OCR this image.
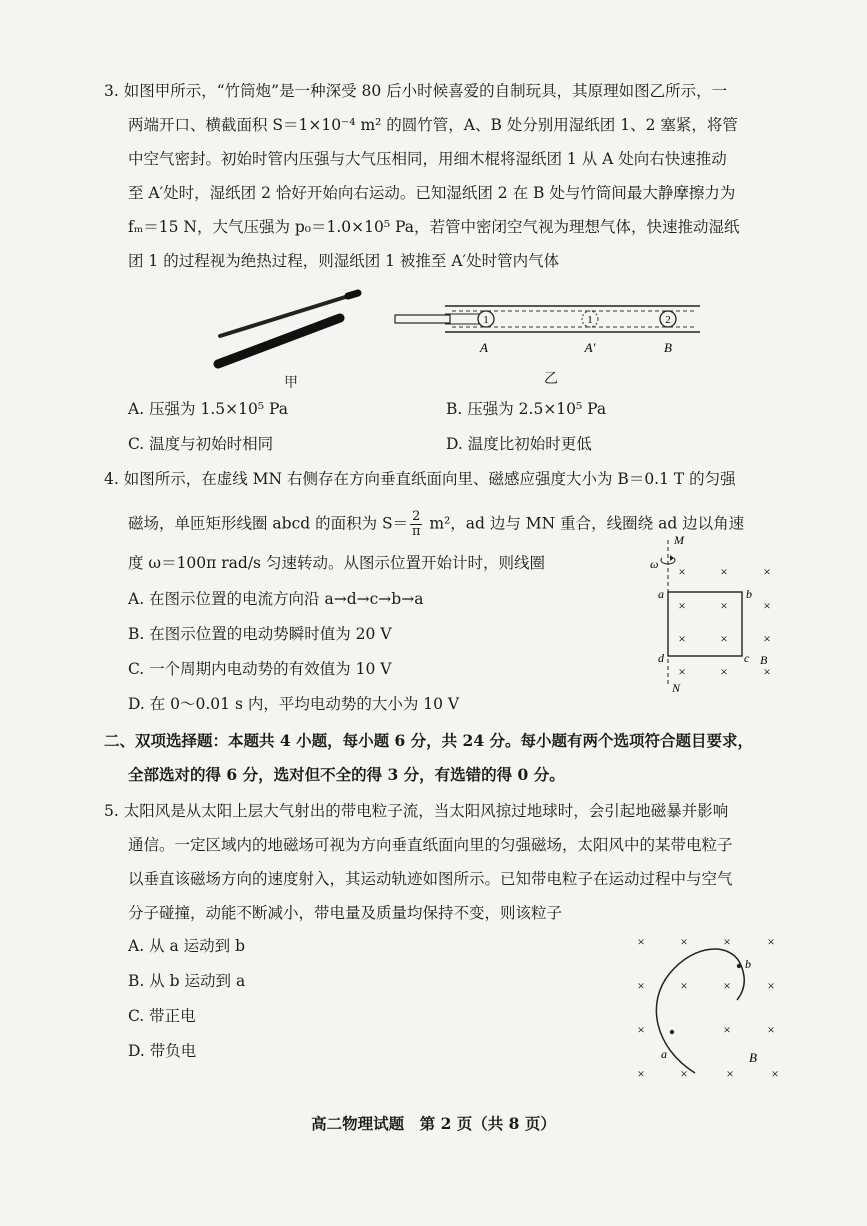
3. 如图甲所示，“竹筒炮”是一种深受 80 后小时候喜爱的自制玩具，其原理如图乙所示，一
两端开口、横截面积 S＝1×10⁻⁴ m² 的圆竹管，A、B 处分别用湿纸团 1、2 塞紧，将管
中空气密封。初始时管内压强与大气压相同，用细木棍将湿纸团 1 从 A 处向右快速推动
至 A′处时，湿纸团 2 恰好开始向右运动。已知湿纸团 2 在 B 处与竹筒间最大静摩擦力为
fₘ＝15 N，大气压强为 p₀＝1.0×10⁵ Pa，若管中密闭空气视为理想气体，快速推动湿纸
团 1 的过程视为绝热过程，则湿纸团 1 被推至 A′处时管内气体
甲
1	1	2
A	A′	B
乙
A. 压强为 1.5×10⁵ Pa	B. 压强为 2.5×10⁵ Pa
C. 温度与初始时相同	D. 温度比初始时更低
4. 如图所示，在虚线 MN 右侧存在方向垂直纸面向里、磁感应强度大小为 B＝0.1 T 的匀强
磁场，单匝矩形线圈 abcd 的面积为 $S= \frac{2}{\pi} m^2$，ad 边与 MN 重合，线圈绕 ad 边以角速
度 ω＝100π rad/s 匀速转动。从图示位置开始计时，则线圈
A. 在图示位置的电流方向沿 a→d→c→b→a
B. 在图示位置的电动势瞬时值为 20 V
C. 一个周期内电动势的有效值为 10 V
D. 在 0～0.01 s 内，平均电动势的大小为 10 V
M
N
ω
a	b
c
d	B
×	×	×
×	×	×
×	×	×
×	×	×
二、双项选择题：本题共 4 小题，每小题 6 分，共 24 分。每小题有两个选项符合题目要求，
全部选对的得 6 分，选对但不全的得 3 分，有选错的得 0 分。
5. 太阳风是从太阳上层大气射出的带电粒子流，当太阳风掠过地球时，会引起地磁暴并影响
通信。一定区域内的地磁场可视为方向垂直纸面向里的匀强磁场，太阳风中的某带电粒子
以垂直该磁场方向的速度射入，其运动轨迹如图所示。已知带电粒子在运动过程中与空气
分子碰撞，动能不断减小，带电量及质量均保持不变，则该粒子
A. 从 a 运动到 b
B. 从 b 运动到 a
C. 带正电
D. 带负电
×	×	×	×
×	×	×	×
×	×	×
×	×	×	×
b
a	B
高二物理试题　第 2 页（共 8 页）
